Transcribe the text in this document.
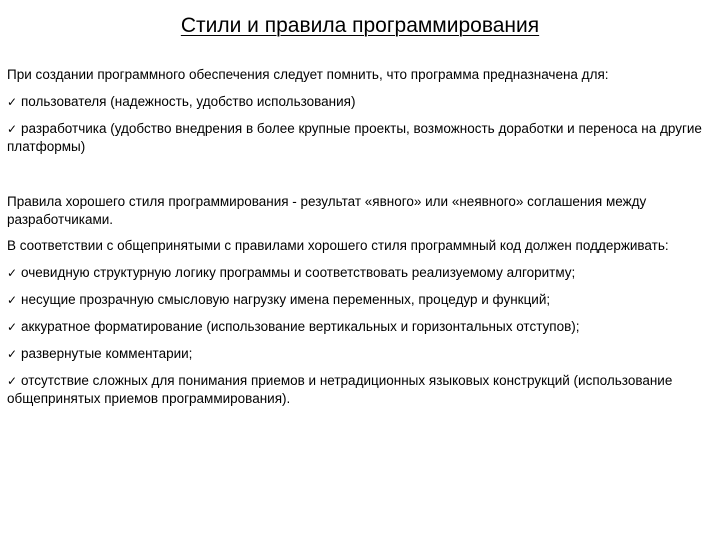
Стили и правила программирования

При создании программного обеспечения следует помнить, что программа предназначена для:

✓ пользователя (надежность, удобство использования)

✓ разработчика (удобство внедрения в более крупные проекты, возможность доработки и переноса на другие платформы)

Правила хорошего стиля программирования - результат «явного» или «неявного» соглашения между разработчиками.

В соответствии с общепринятыми с правилами хорошего стиля программный код должен поддерживать:

✓ очевидную структурную логику программы и соответствовать реализуемому алгоритму;

✓ несущие прозрачную смысловую нагрузку имена переменных, процедур и функций;

✓ аккуратное форматирование (использование вертикальных и горизонтальных отступов);

✓ развернутые комментарии;

✓ отсутствие сложных для понимания приемов и нетрадиционных языковых конструкций (использование общепринятых приемов программирования).
